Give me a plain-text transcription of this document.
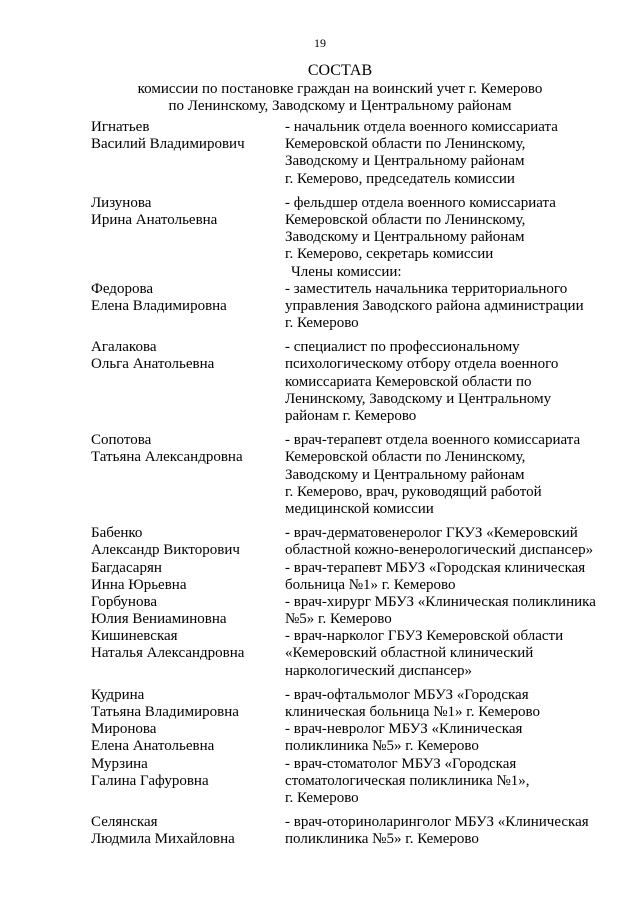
19
СОСТАВ
комиссии по постановке граждан на воинский учет г. Кемерово
по Ленинскому, Заводскому и Центральному районам
Игнатьев
Василий Владимирович
- начальник отдела военного комиссариата
Кемеровской области по Ленинскому,
Заводскому и Центральному районам
г. Кемерово, председатель комиссии
Лизунова
Ирина Анатольевна
- фельдшер отдела военного комиссариата
Кемеровской области по Ленинскому,
Заводскому и Центральному районам
г. Кемерово, секретарь комиссии
Члены комиссии:
Федорова
Елена Владимировна
- заместитель начальника территориального
управления Заводского района администрации
г. Кемерово
Агалакова
Ольга Анатольевна
- специалист по профессиональному
психологическому отбору отдела военного
комиссариата Кемеровской области по
Ленинскому, Заводскому и Центральному
районам г. Кемерово
Сопотова
Татьяна Александровна
- врач-терапевт отдела военного комиссариата
Кемеровской области по Ленинскому,
Заводскому и Центральному районам
г. Кемерово, врач, руководящий работой
медицинской комиссии
Бабенко
Александр Викторович
- врач-дерматовенеролог ГКУЗ «Кемеровский
областной кожно-венерологический диспансер»
Багдасарян
Инна Юрьевна
- врач-терапевт МБУЗ «Городская клиническая
больница №1» г. Кемерово
Горбунова
Юлия Вениаминовна
- врач-хирург МБУЗ «Клиническая поликлиника
№5» г. Кемерово
Кишиневская
Наталья Александровна
- врач-нарколог ГБУЗ Кемеровской области
«Кемеровский областной клинический
наркологический диспансер»
Кудрина
Татьяна Владимировна
- врач-офтальмолог МБУЗ «Городская
клиническая больница №1» г. Кемерово
Миронова
Елена Анатольевна
- врач-невролог МБУЗ «Клиническая
поликлиника №5» г. Кемерово
Мурзина
Галина Гафуровна
- врач-стоматолог МБУЗ «Городская
стоматологическая поликлиника №1»,
г. Кемерово
Селянская
Людмила Михайловна
- врач-оториноларинголог МБУЗ «Клиническая
поликлиника №5» г. Кемерово
